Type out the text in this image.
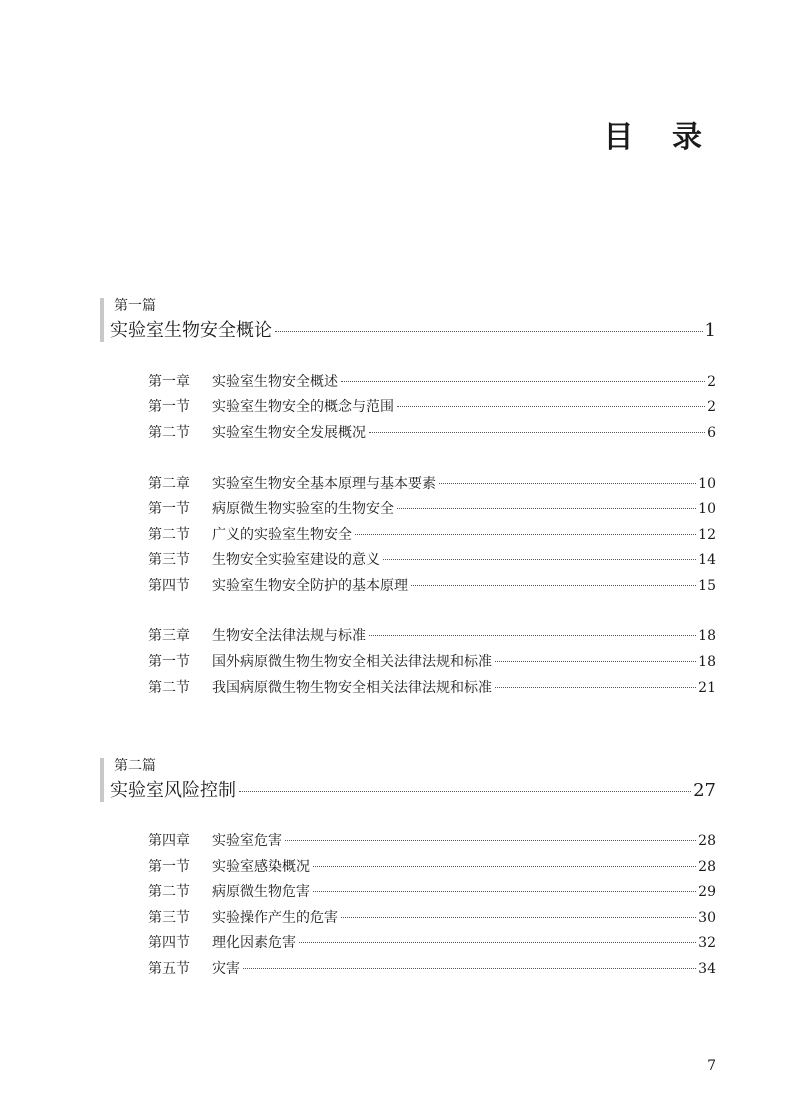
目 录
第一篇
实验室生物安全概论	1
第一章	实验室生物安全概述	2
第一节	实验室生物安全的概念与范围	2
第二节	实验室生物安全发展概况	6
第二章	实验室生物安全基本原理与基本要素	10
第一节	病原微生物实验室的生物安全	10
第二节	广义的实验室生物安全	12
第三节	生物安全实验室建设的意义	14
第四节	实验室生物安全防护的基本原理	15
第三章	生物安全法律法规与标准	18
第一节	国外病原微生物生物安全相关法律法规和标准	18
第二节	我国病原微生物生物安全相关法律法规和标准	21
第二篇
实验室风险控制	27
第四章	实验室危害	28
第一节	实验室感染概况	28
第二节	病原微生物危害	29
第三节	实验操作产生的危害	30
第四节	理化因素危害	32
第五节	灾害	34
7
